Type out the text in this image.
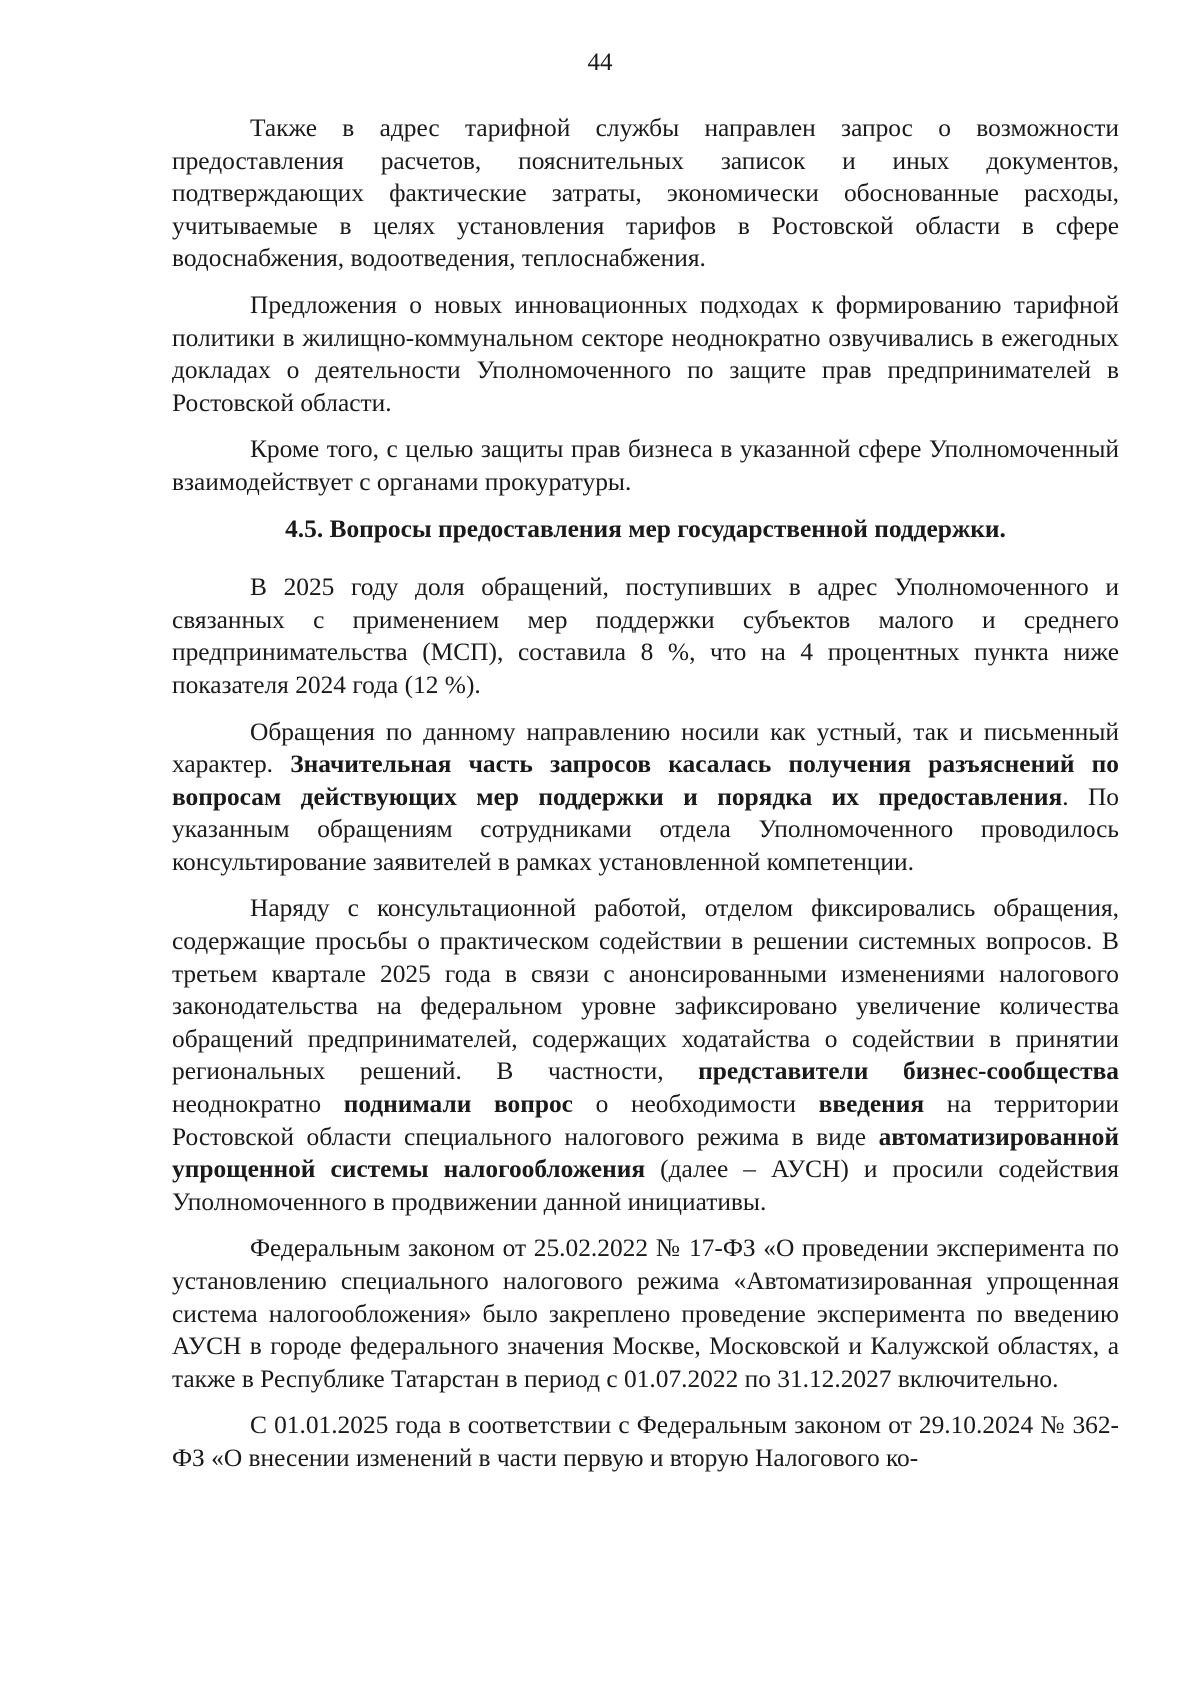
44

Также в адрес тарифной службы направлен запрос о возможности предоставления расчетов, пояснительных записок и иных документов, подтверждающих фактические затраты, экономически обоснованные расходы, учитываемые в целях установления тарифов в Ростовской области в сфере водоснабжения, водоотведения, теплоснабжения.

Предложения о новых инновационных подходах к формированию тарифной политики в жилищно-коммунальном секторе неоднократно озвучивались в ежегодных докладах о деятельности Уполномоченного по защите прав предпринимателей в Ростовской области.

Кроме того, с целью защиты прав бизнеса в указанной сфере Уполномоченный взаимодействует с органами прокуратуры.

4.5. Вопросы предоставления мер государственной поддержки.

В 2025 году доля обращений, поступивших в адрес Уполномоченного и связанных с применением мер поддержки субъектов малого и среднего предпринимательства (МСП), составила 8 %, что на 4 процентных пункта ниже показателя 2024 года (12 %).

Обращения по данному направлению носили как устный, так и письменный характер. Значительная часть запросов касалась получения разъяснений по вопросам действующих мер поддержки и порядка их предоставления. По указанным обращениям сотрудниками отдела Уполномоченного проводилось консультирование заявителей в рамках установленной компетенции.

Наряду с консультационной работой, отделом фиксировались обращения, содержащие просьбы о практическом содействии в решении системных вопросов. В третьем квартале 2025 года в связи с анонсированными изменениями налогового законодательства на федеральном уровне зафиксировано увеличение количества обращений предпринимателей, содержащих ходатайства о содействии в принятии региональных решений. В частности, представители бизнес-сообщества неоднократно поднимали вопрос о необходимости введения на территории Ростовской области специального налогового режима в виде автоматизированной упрощенной системы налогообложения (далее – АУСН) и просили содействия Уполномоченного в продвижении данной инициативы.

Федеральным законом от 25.02.2022 № 17-ФЗ «О проведении эксперимента по установлению специального налогового режима «Автоматизированная упрощенная система налогообложения» было закреплено проведение эксперимента по введению АУСН в городе федерального значения Москве, Московской и Калужской областях, а также в Республике Татарстан в период с 01.07.2022 по 31.12.2027 включительно.

С 01.01.2025 года в соответствии с Федеральным законом от 29.10.2024 № 362-ФЗ «О внесении изменений в части первую и вторую Налогового ко-
